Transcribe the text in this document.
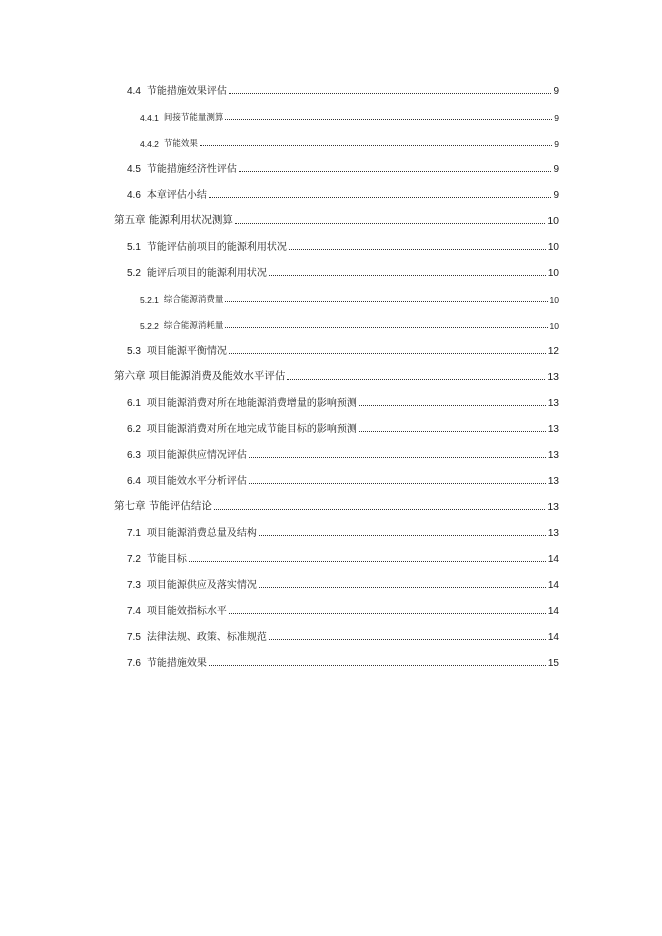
4.4 节能措施效果评估	9
4.4.1 间接节能量测算	9
4.4.2 节能效果	9
4.5 节能措施经济性评估	9
4.6 本章评估小结	9
第五章 能源利用状况测算	10
5.1 节能评估前项目的能源利用状况	10
5.2 能评后项目的能源利用状况	10
5.2.1 综合能源消费量	10
5.2.2 综合能源消耗量	10
5.3 项目能源平衡情况	12
第六章 项目能源消费及能效水平评估	13
6.1 项目能源消费对所在地能源消费增量的影响预测	13
6.2 项目能源消费对所在地完成节能目标的影响预测	13
6.3 项目能源供应情况评估	13
6.4 项目能效水平分析评估	13
第七章 节能评估结论	13
7.1 项目能源消费总量及结构	13
7.2 节能目标	14
7.3 项目能源供应及落实情况	14
7.4 项目能效指标水平	14
7.5 法律法规、政策、标准规范	14
7.6 节能措施效果	15
